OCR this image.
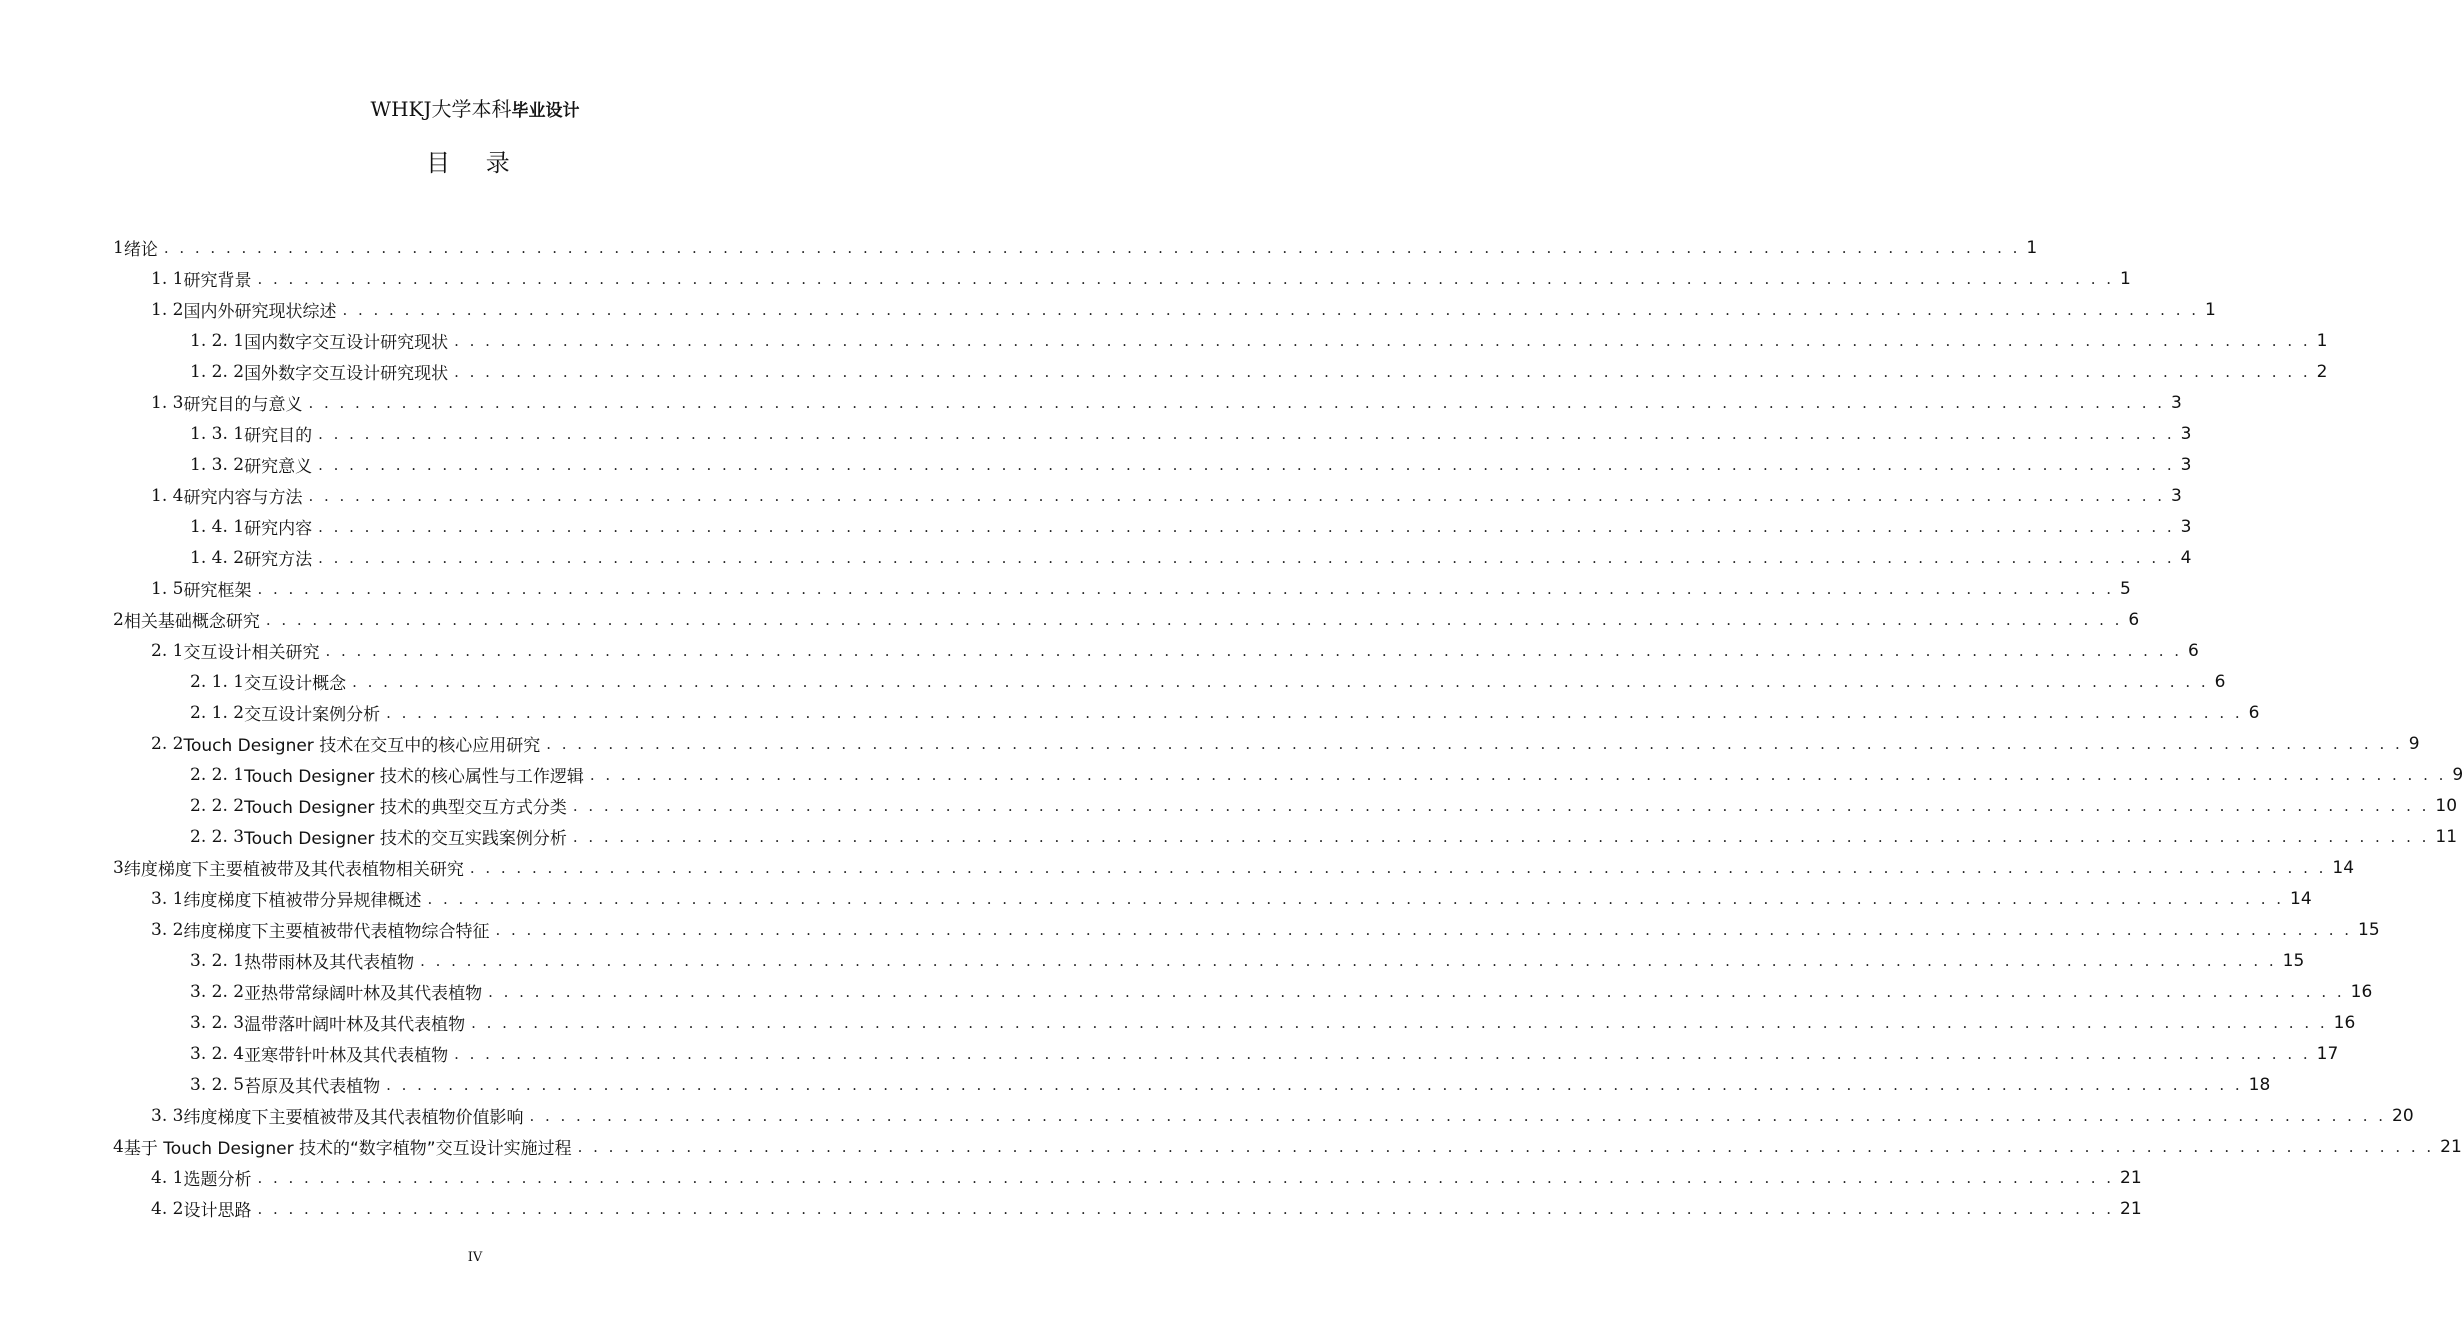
WHKJ大学本科毕业设计
目 录
1 绪论 . . . . . . . . . . . . . . . . . . . . . . . . . . . . . . . . . . . . . . . . . . . . . . . . . . . . . . . . . . . . . . . . . . . . . . . . . . . . . . . . . . . . . . . . . . . . . . . . . . . . . . . . . . . . . . . . . . . . . . . . 1
1. 1 研究背景 . . . . . . . . . . . . . . . . . . . . . . . . . . . . . . . . . . . . . . . . . . . . . . . . . . . . . . . . . . . . . . . . . . . . . . . . . . . . . . . . . . . . . . . . . . . . . . . . . . . . . . . . . . . . . . . . . . . . . . . . 1
1. 2 国内外研究现状综述 . . . . . . . . . . . . . . . . . . . . . . . . . . . . . . . . . . . . . . . . . . . . . . . . . . . . . . . . . . . . . . . . . . . . . . . . . . . . . . . . . . . . . . . . . . . . . . . . . . . . . . . . . . . . . . . . . . . . . . . . 1
1. 2. 1 国内数字交互设计研究现状 . . . . . . . . . . . . . . . . . . . . . . . . . . . . . . . . . . . . . . . . . . . . . . . . . . . . . . . . . . . . . . . . . . . . . . . . . . . . . . . . . . . . . . . . . . . . . . . . . . . . . . . . . . . . . . . . . . . . . . . . 1
1. 2. 2 国外数字交互设计研究现状 . . . . . . . . . . . . . . . . . . . . . . . . . . . . . . . . . . . . . . . . . . . . . . . . . . . . . . . . . . . . . . . . . . . . . . . . . . . . . . . . . . . . . . . . . . . . . . . . . . . . . . . . . . . . . . . . . . . . . . . . 2
1. 3 研究目的与意义 . . . . . . . . . . . . . . . . . . . . . . . . . . . . . . . . . . . . . . . . . . . . . . . . . . . . . . . . . . . . . . . . . . . . . . . . . . . . . . . . . . . . . . . . . . . . . . . . . . . . . . . . . . . . . . . . . . . . . . . . 3
1. 3. 1 研究目的 . . . . . . . . . . . . . . . . . . . . . . . . . . . . . . . . . . . . . . . . . . . . . . . . . . . . . . . . . . . . . . . . . . . . . . . . . . . . . . . . . . . . . . . . . . . . . . . . . . . . . . . . . . . . . . . . . . . . . . . . 3
1. 3. 2 研究意义 . . . . . . . . . . . . . . . . . . . . . . . . . . . . . . . . . . . . . . . . . . . . . . . . . . . . . . . . . . . . . . . . . . . . . . . . . . . . . . . . . . . . . . . . . . . . . . . . . . . . . . . . . . . . . . . . . . . . . . . . 3
1. 4 研究内容与方法 . . . . . . . . . . . . . . . . . . . . . . . . . . . . . . . . . . . . . . . . . . . . . . . . . . . . . . . . . . . . . . . . . . . . . . . . . . . . . . . . . . . . . . . . . . . . . . . . . . . . . . . . . . . . . . . . . . . . . . . . 3
1. 4. 1 研究内容 . . . . . . . . . . . . . . . . . . . . . . . . . . . . . . . . . . . . . . . . . . . . . . . . . . . . . . . . . . . . . . . . . . . . . . . . . . . . . . . . . . . . . . . . . . . . . . . . . . . . . . . . . . . . . . . . . . . . . . . . 3
1. 4. 2 研究方法 . . . . . . . . . . . . . . . . . . . . . . . . . . . . . . . . . . . . . . . . . . . . . . . . . . . . . . . . . . . . . . . . . . . . . . . . . . . . . . . . . . . . . . . . . . . . . . . . . . . . . . . . . . . . . . . . . . . . . . . . 4
1. 5 研究框架 . . . . . . . . . . . . . . . . . . . . . . . . . . . . . . . . . . . . . . . . . . . . . . . . . . . . . . . . . . . . . . . . . . . . . . . . . . . . . . . . . . . . . . . . . . . . . . . . . . . . . . . . . . . . . . . . . . . . . . . . 5
2 相关基础概念研究 . . . . . . . . . . . . . . . . . . . . . . . . . . . . . . . . . . . . . . . . . . . . . . . . . . . . . . . . . . . . . . . . . . . . . . . . . . . . . . . . . . . . . . . . . . . . . . . . . . . . . . . . . . . . . . . . . . . . . . . . 6
2. 1 交互设计相关研究 . . . . . . . . . . . . . . . . . . . . . . . . . . . . . . . . . . . . . . . . . . . . . . . . . . . . . . . . . . . . . . . . . . . . . . . . . . . . . . . . . . . . . . . . . . . . . . . . . . . . . . . . . . . . . . . . . . . . . . . . 6
2. 1. 1 交互设计概念 . . . . . . . . . . . . . . . . . . . . . . . . . . . . . . . . . . . . . . . . . . . . . . . . . . . . . . . . . . . . . . . . . . . . . . . . . . . . . . . . . . . . . . . . . . . . . . . . . . . . . . . . . . . . . . . . . . . . . . . . 6
2. 1. 2 交互设计案例分析 . . . . . . . . . . . . . . . . . . . . . . . . . . . . . . . . . . . . . . . . . . . . . . . . . . . . . . . . . . . . . . . . . . . . . . . . . . . . . . . . . . . . . . . . . . . . . . . . . . . . . . . . . . . . . . . . . . . . . . . . 6
2. 2 Touch Designer 技术在交互中的核心应用研究 . . . . . . . . . . . . . . . . . . . . . . . . . . . . . . . . . . . . . . . . . . . . . . . . . . . . . . . . . . . . . . . . . . . . . . . . . . . . . . . . . . . . . . . . . . . . . . . . . . . . . . . . . . . . . . . . . . . . . . . . 9
2. 2. 1 Touch Designer 技术的核心属性与工作逻辑 . . . . . . . . . . . . . . . . . . . . . . . . . . . . . . . . . . . . . . . . . . . . . . . . . . . . . . . . . . . . . . . . . . . . . . . . . . . . . . . . . . . . . . . . . . . . . . . . . . . . . . . . . . . . . . . . . . . . . . . . 9
2. 2. 2 Touch Designer 技术的典型交互方式分类 . . . . . . . . . . . . . . . . . . . . . . . . . . . . . . . . . . . . . . . . . . . . . . . . . . . . . . . . . . . . . . . . . . . . . . . . . . . . . . . . . . . . . . . . . . . . . . . . . . . . . . . . . . . . . . . . . . . . . . . . 10
2. 2. 3 Touch Designer 技术的交互实践案例分析 . . . . . . . . . . . . . . . . . . . . . . . . . . . . . . . . . . . . . . . . . . . . . . . . . . . . . . . . . . . . . . . . . . . . . . . . . . . . . . . . . . . . . . . . . . . . . . . . . . . . . . . . . . . . . . . . . . . . . . . . 11
3 纬度梯度下主要植被带及其代表植物相关研究 . . . . . . . . . . . . . . . . . . . . . . . . . . . . . . . . . . . . . . . . . . . . . . . . . . . . . . . . . . . . . . . . . . . . . . . . . . . . . . . . . . . . . . . . . . . . . . . . . . . . . . . . . . . . . . . . . . . . . . . . 14
3. 1 纬度梯度下植被带分异规律概述 . . . . . . . . . . . . . . . . . . . . . . . . . . . . . . . . . . . . . . . . . . . . . . . . . . . . . . . . . . . . . . . . . . . . . . . . . . . . . . . . . . . . . . . . . . . . . . . . . . . . . . . . . . . . . . . . . . . . . . . . 14
3. 2 纬度梯度下主要植被带代表植物综合特征 . . . . . . . . . . . . . . . . . . . . . . . . . . . . . . . . . . . . . . . . . . . . . . . . . . . . . . . . . . . . . . . . . . . . . . . . . . . . . . . . . . . . . . . . . . . . . . . . . . . . . . . . . . . . . . . . . . . . . . . . 15
3. 2. 1 热带雨林及其代表植物 . . . . . . . . . . . . . . . . . . . . . . . . . . . . . . . . . . . . . . . . . . . . . . . . . . . . . . . . . . . . . . . . . . . . . . . . . . . . . . . . . . . . . . . . . . . . . . . . . . . . . . . . . . . . . . . . . . . . . . . . 15
3. 2. 2 亚热带常绿阔叶林及其代表植物 . . . . . . . . . . . . . . . . . . . . . . . . . . . . . . . . . . . . . . . . . . . . . . . . . . . . . . . . . . . . . . . . . . . . . . . . . . . . . . . . . . . . . . . . . . . . . . . . . . . . . . . . . . . . . . . . . . . . . . . . 16
3. 2. 3 温带落叶阔叶林及其代表植物 . . . . . . . . . . . . . . . . . . . . . . . . . . . . . . . . . . . . . . . . . . . . . . . . . . . . . . . . . . . . . . . . . . . . . . . . . . . . . . . . . . . . . . . . . . . . . . . . . . . . . . . . . . . . . . . . . . . . . . . . 16
3. 2. 4 亚寒带针叶林及其代表植物 . . . . . . . . . . . . . . . . . . . . . . . . . . . . . . . . . . . . . . . . . . . . . . . . . . . . . . . . . . . . . . . . . . . . . . . . . . . . . . . . . . . . . . . . . . . . . . . . . . . . . . . . . . . . . . . . . . . . . . . . 17
3. 2. 5 苔原及其代表植物 . . . . . . . . . . . . . . . . . . . . . . . . . . . . . . . . . . . . . . . . . . . . . . . . . . . . . . . . . . . . . . . . . . . . . . . . . . . . . . . . . . . . . . . . . . . . . . . . . . . . . . . . . . . . . . . . . . . . . . . . 18
3. 3 纬度梯度下主要植被带及其代表植物价值影响 . . . . . . . . . . . . . . . . . . . . . . . . . . . . . . . . . . . . . . . . . . . . . . . . . . . . . . . . . . . . . . . . . . . . . . . . . . . . . . . . . . . . . . . . . . . . . . . . . . . . . . . . . . . . . . . . . . . . . . . . 20
4 基于 Touch Designer 技术的“数字植物”交互设计实施过程 . . . . . . . . . . . . . . . . . . . . . . . . . . . . . . . . . . . . . . . . . . . . . . . . . . . . . . . . . . . . . . . . . . . . . . . . . . . . . . . . . . . . . . . . . . . . . . . . . . . . . . . . . . . . . . . . . . . . . . . . 21
4. 1 选题分析 . . . . . . . . . . . . . . . . . . . . . . . . . . . . . . . . . . . . . . . . . . . . . . . . . . . . . . . . . . . . . . . . . . . . . . . . . . . . . . . . . . . . . . . . . . . . . . . . . . . . . . . . . . . . . . . . . . . . . . . . 21
4. 2 设计思路 . . . . . . . . . . . . . . . . . . . . . . . . . . . . . . . . . . . . . . . . . . . . . . . . . . . . . . . . . . . . . . . . . . . . . . . . . . . . . . . . . . . . . . . . . . . . . . . . . . . . . . . . . . . . . . . . . . . . . . . . 21
IV
